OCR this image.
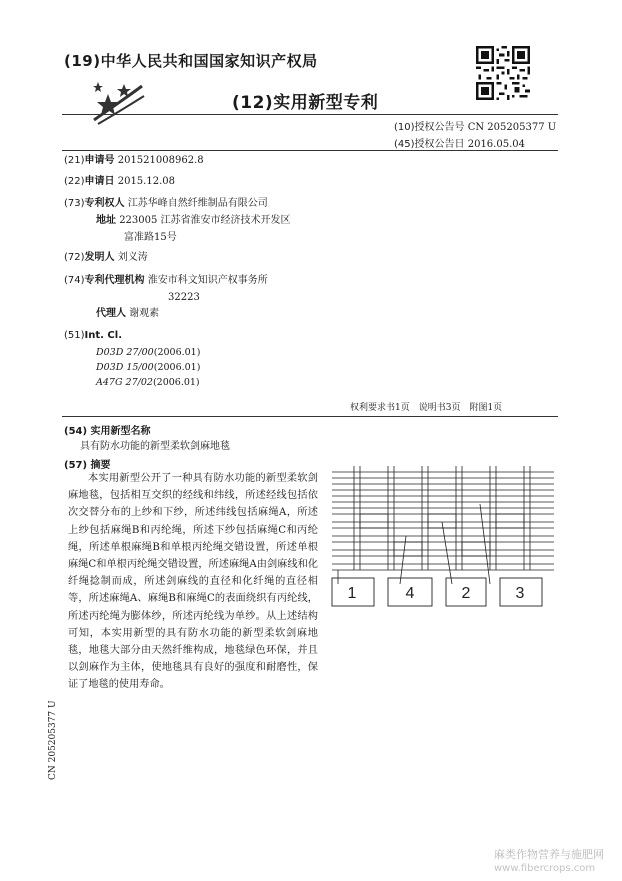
(19)中华人民共和国国家知识产权局
(12)实用新型专利
(10)授权公告号 CN 205205377 U
(45)授权公告日 2016.05.04
(21)申请号 201521008962.8
(22)申请日 2015.12.08
(73)专利权人 江苏华峰自然纤维制品有限公司
地址 223005 江苏省淮安市经济技术开发区
富准路15号
(72)发明人 刘义涛
(74)专利代理机构 淮安市科文知识产权事务所
32223
代理人 谢观素
(51)Int. Cl.
D03D 27/00(2006.01)
D03D 15/00(2006.01)
A47G 27/02(2006.01)
权利要求书1页　说明书3页　附图1页
(54) 实用新型名称
具有防水功能的新型柔软剑麻地毯
(57) 摘要
本实用新型公开了一种具有防水功能的新型柔软剑麻地毯，包括相互交织的经线和纬线，所述经线包括依次交替分布的上纱和下纱，所述纬线包括麻绳A，所述上纱包括麻绳B和丙纶绳，所述下纱包括麻绳C和丙纶绳，所述单根麻绳B和单根丙纶绳交错设置，所述单根麻绳C和单根丙纶绳交错设置，所述麻绳A由剑麻线和化纤绳捻制而成，所述剑麻线的直径和化纤绳的直径相等，所述麻绳A、麻绳B和麻绳C的表面绕织有丙纶线，所述丙纶绳为膨体纱，所述丙纶线为单纱。从上述结构可知，本实用新型的具有防水功能的新型柔软剑麻地毯，地毯大部分由天然纤维构成，地毯绿色环保，并且以剑麻作为主体，使地毯具有良好的强度和耐磨性，保证了地毯的使用寿命。
1	4	2	3
CN 205205377 U
麻类作物营养与施肥网
www.fibercrops.com
